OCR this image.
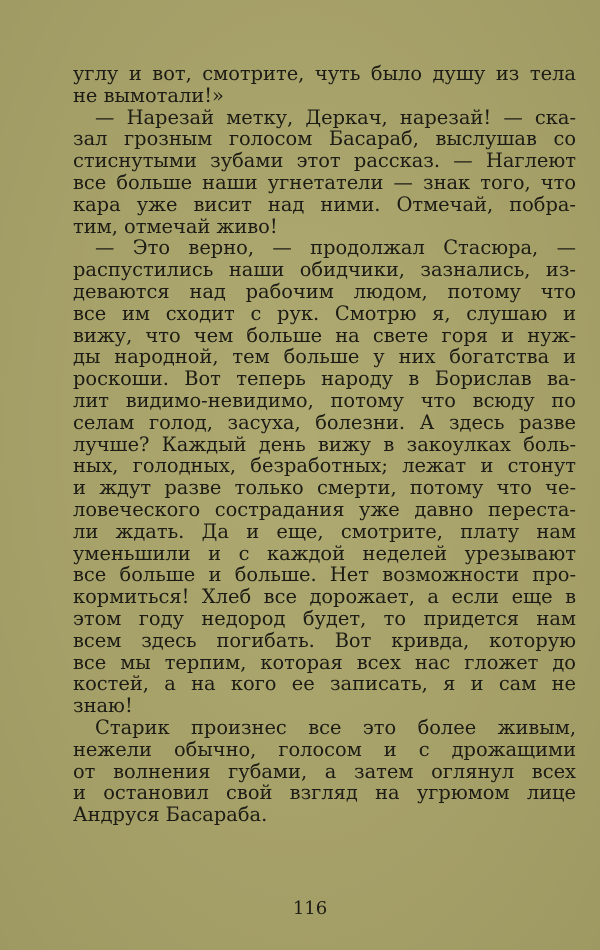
углу и вот, смотрите, чуть было душу из тела
не вымотали!»
— Нарезай метку, Деркач, нарезай! — ска-
зал грозным голосом Басараб, выслушав со
стиснутыми зубами этот рассказ. — Наглеют
все больше наши угнетатели — знак того, что
кара уже висит над ними. Отмечай, побра-
тим, отмечай живо!
— Это верно, — продолжал Стасюра, —
распустились наши обидчики, зазнались, из-
деваются над рабочим людом, потому что
все им сходит с рук. Смотрю я, слушаю и
вижу, что чем больше на свете горя и нуж-
ды народной, тем больше у них богатства и
роскоши. Вот теперь народу в Борислав ва-
лит видимо-невидимо, потому что всюду по
селам голод, засуха, болезни. А здесь разве
лучше? Каждый день вижу в закоулках боль-
ных, голодных, безработных; лежат и стонут
и ждут разве только смерти, потому что че-
ловеческого сострадания уже давно переста-
ли ждать. Да и еще, смотрите, плату нам
уменьшили и с каждой неделей урезывают
все больше и больше. Нет возможности про-
кормиться! Хлеб все дорожает, а если еще в
этом году недород будет, то придется нам
всем здесь погибать. Вот кривда, которую
все мы терпим, которая всех нас гложет до
костей, а на кого ее записать, я и сам не
знаю!
Старик произнес все это более живым,
нежели обычно, голосом и с дрожащими
от волнения губами, а затем оглянул всех
и остановил свой взгляд на угрюмом лице
Андруся Басараба.
116
